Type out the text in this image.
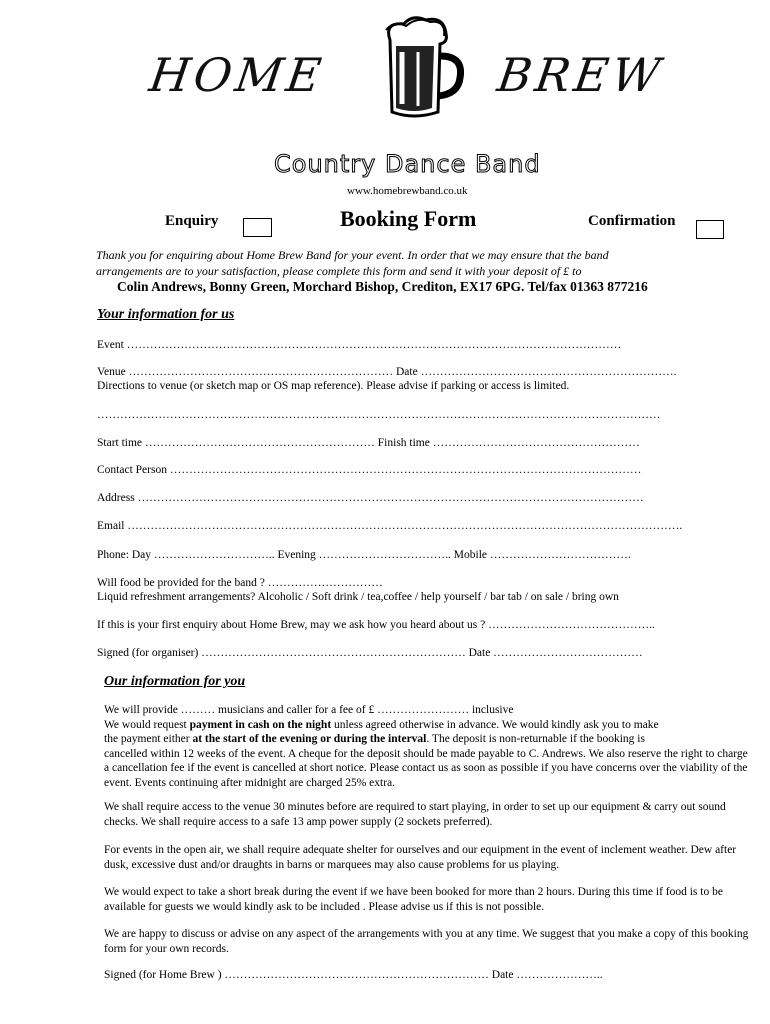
HOME	BREW
Country Dance Band
www.homebrewband.co.uk
Enquiry	Booking Form	Confirmation
Thank you for enquiring about Home Brew Band for your event. In order that we may ensure that the band
arrangements are to your satisfaction, please complete this form and send it with your deposit of £ to
Colin Andrews, Bonny Green, Morchard Bishop, Crediton, EX17 6PG. Tel/fax 01363 877216
Your information for us
Event …………………………………………………………………………………………………………………
Venue …………………………………………………………… Date ………………………………………………………….
Directions to venue (or sketch map or OS map reference). Please advise if parking or access is limited.
…………………………………………………………………………………………………………………………………
Start time …………………………………………………… Finish time ………………………………………………
Contact Person ……………………………………………………………………………………………………………
Address ……………………………………………………………………………………………………………………
Email ……………………………………………………………………………………………………………………………….
Phone: Day ………………………….. Evening …………………………….. Mobile ……………………………….
Will food be provided for the band ? …………………………
Liquid refreshment arrangements? Alcoholic / Soft drink / tea,coffee / help yourself / bar tab / on sale / bring own
If this is your first enquiry about Home Brew, may we ask how you heard about us ? ……………………………………..
Signed (for organiser) …………………………………………………………… Date …………………………………
Our information for you
We will provide ……… musicians and caller for a fee of £ …………………… inclusive
We would request payment in cash on the night unless agreed otherwise in advance. We would kindly ask you to make
the payment either at the start of the evening or during the interval. The deposit is non-returnable if the booking is
cancelled within 12 weeks of the event. A cheque for the deposit should be made payable to C. Andrews. We also reserve the right to charge a cancellation fee if the event is cancelled at short notice. Please contact us as soon as possible if you have concerns over the viability of the event. Events continuing after midnight are charged 25% extra.
We shall require access to the venue 30 minutes before are required to start playing, in order to set up our equipment & carry out sound checks. We shall require access to a safe 13 amp power supply (2 sockets preferred).
For events in the open air, we shall require adequate shelter for ourselves and our equipment in the event of inclement weather. Dew after dusk, excessive dust and/or draughts in barns or marquees may also cause problems for us playing.
We would expect to take a short break during the event if we have been booked for more than 2 hours. During this time if food is to be available for guests we would kindly ask to be included . Please advise us if this is not possible.
We are happy to discuss or advise on any aspect of the arrangements with you at any time. We suggest that you make a copy of this booking form for your own records.
Signed (for Home Brew ) …………………………………………………………… Date …………………..
